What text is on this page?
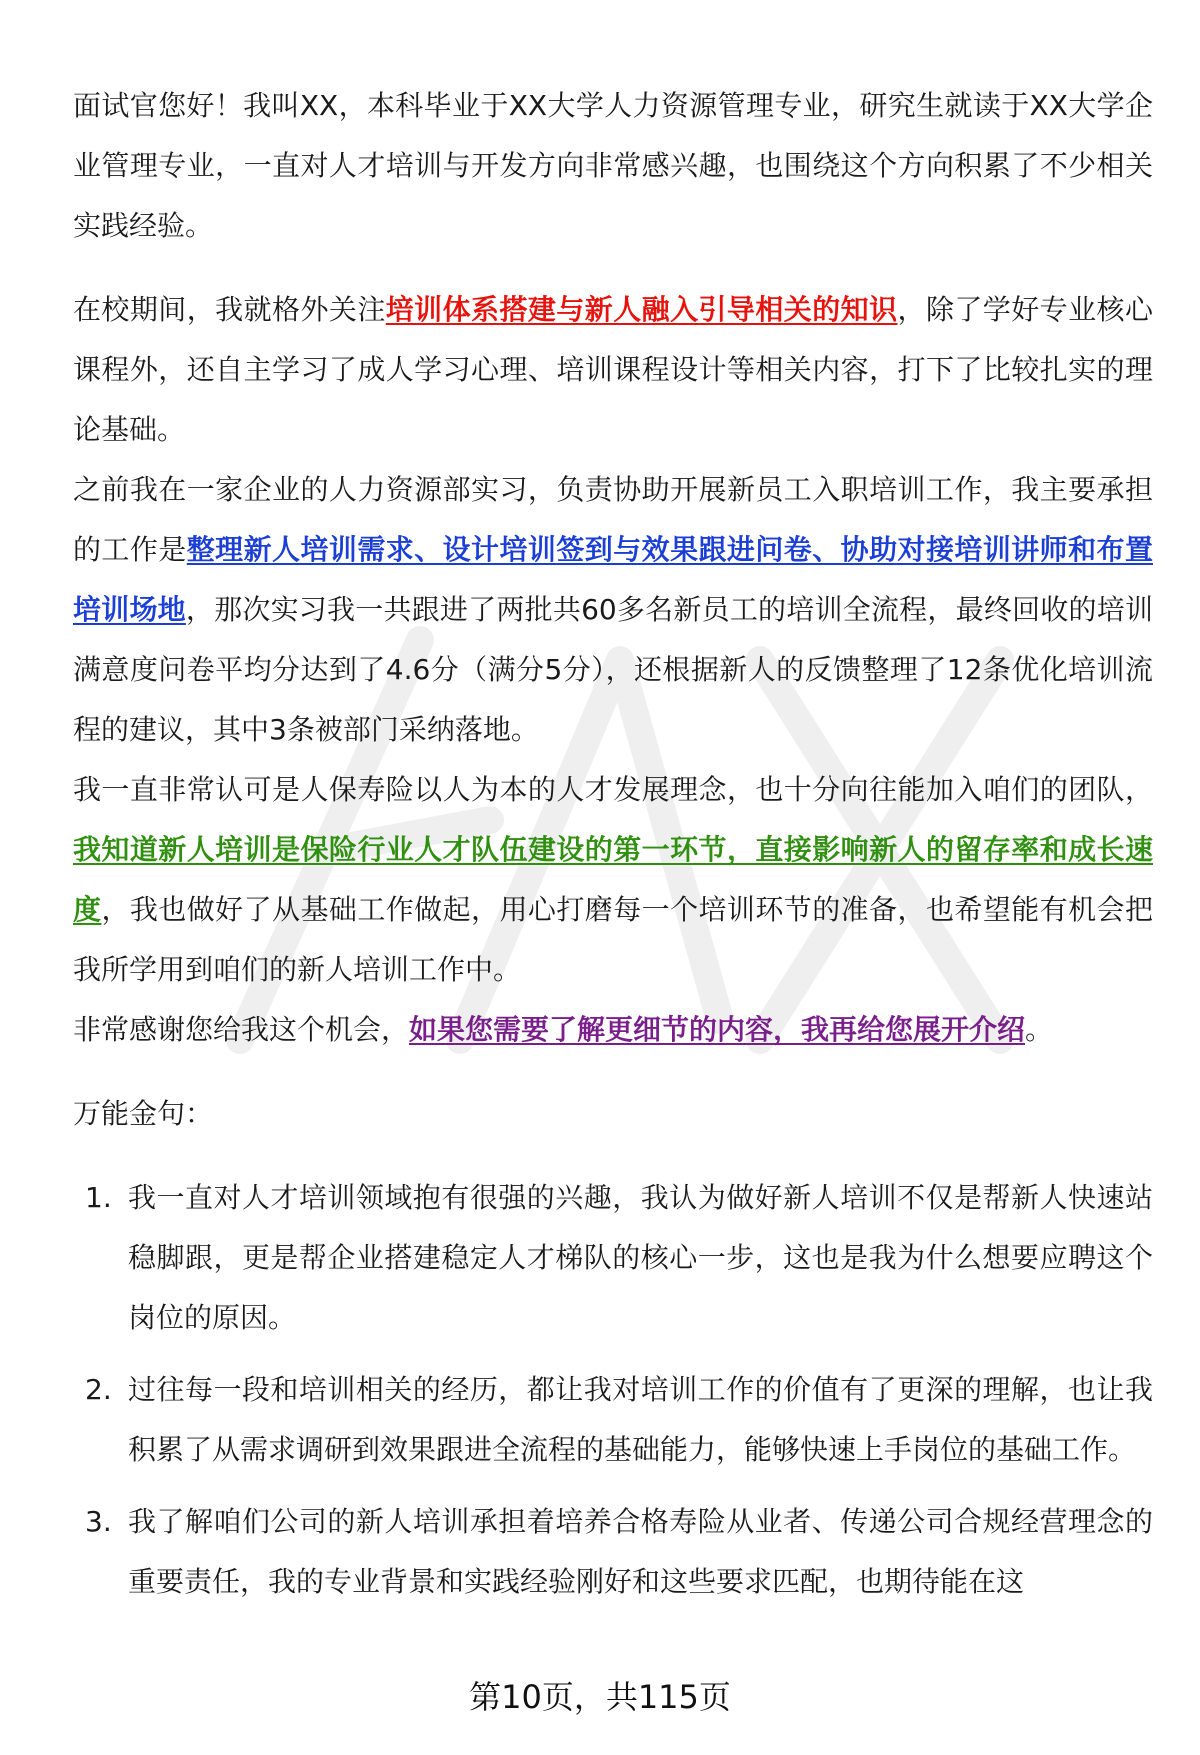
面试官您好！我叫XX，本科毕业于XX大学人力资源管理专业，研究生就读于XX大学企业管理专业，一直对人才培训与开发方向非常感兴趣，也围绕这个方向积累了不少相关实践经验。

在校期间，我就格外关注培训体系搭建与新人融入引导相关的知识，除了学好专业核心课程外，还自主学习了成人学习心理、培训课程设计等相关内容，打下了比较扎实的理论基础。

之前我在一家企业的人力资源部实习，负责协助开展新员工入职培训工作，我主要承担的工作是整理新人培训需求、设计培训签到与效果跟进问卷、协助对接培训讲师和布置培训场地，那次实习我一共跟进了两批共60多名新员工的培训全流程，最终回收的培训满意度问卷平均分达到了4.6分（满分5分），还根据新人的反馈整理了12条优化培训流程的建议，其中3条被部门采纳落地。

我一直非常认可是人保寿险以人为本的人才发展理念，也十分向往能加入咱们的团队，我知道新人培训是保险行业人才队伍建设的第一环节，直接影响新人的留存率和成长速度，我也做好了从基础工作做起，用心打磨每一个培训环节的准备，也希望能有机会把我所学用到咱们的新人培训工作中。

非常感谢您给我这个机会，如果您需要了解更细节的内容，我再给您展开介绍。

万能金句：

1. 我一直对人才培训领域抱有很强的兴趣，我认为做好新人培训不仅是帮新人快速站稳脚跟，更是帮企业搭建稳定人才梯队的核心一步，这也是我为什么想要应聘这个岗位的原因。
2. 过往每一段和培训相关的经历，都让我对培训工作的价值有了更深的理解，也让我积累了从需求调研到效果跟进全流程的基础能力，能够快速上手岗位的基础工作。
3. 我了解咱们公司的新人培训承担着培养合格寿险从业者、传递公司合规经营理念的重要责任，我的专业背景和实践经验刚好和这些要求匹配，也期待能在这
第10页，共115页
